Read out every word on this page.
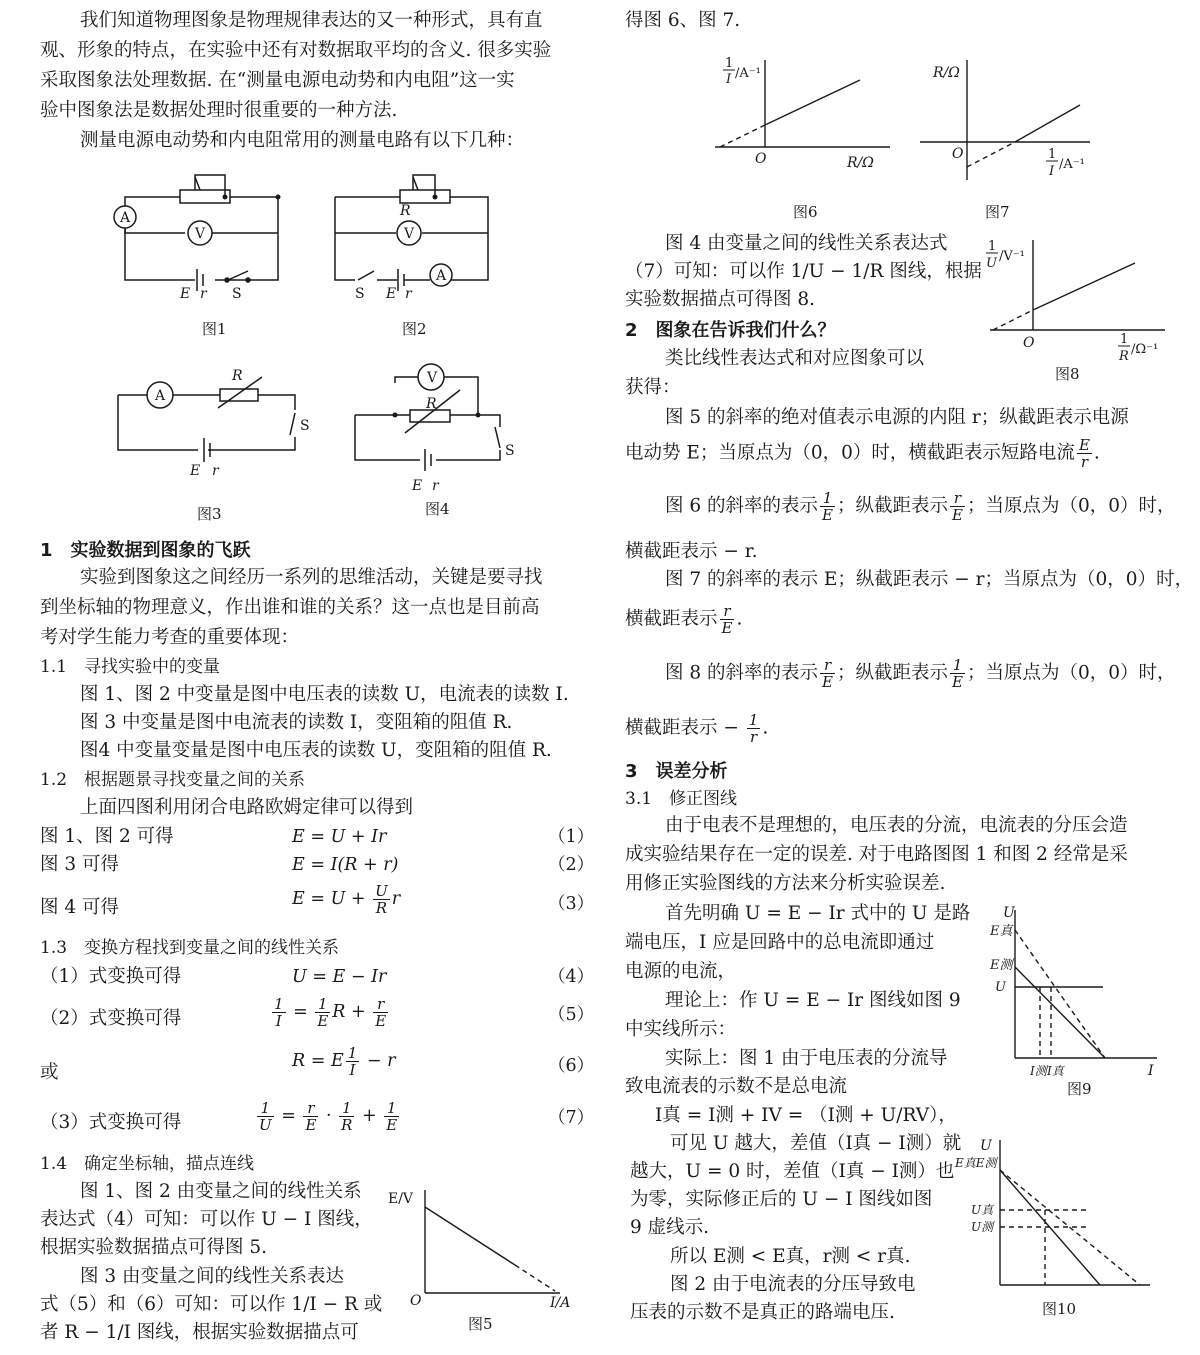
我们知道物理图象是物理规律表达的又一种形式，具有直
观、形象的特点，在实验中还有对数据取平均的含义. 很多实验
采取图象法处理数据. 在“测量电源电动势和内电阻”这一实
验中图象法是数据处理时很重要的一种方法.
测量电源电动势和内电阻常用的测量电路有以下几种：
A
V
E r S
R
V
A
S E r
A
R
S
E r
V
R
S
E r
图1	图2
图3	图4
1　实验数据到图象的飞跃
实验到图象这之间经历一系列的思维活动，关键是要寻找
到坐标轴的物理意义，作出谁和谁的关系？这一点也是目前高
考对学生能力考查的重要体现：
1.1　寻找实验中的变量
图 1、图 2 中变量是图中电压表的读数 U，电流表的读数 I.
图 3 中变量是图中电流表的读数 I，变阻箱的阻值 R.
图4 中变量变量是图中电压表的读数 U，变阻箱的阻值 R.
1.2　根据题景寻找变量之间的关系
上面四图利用闭合电路欧姆定律可以得到
图 1、图 2 可得	E = U + Ir	（1）
图 3 可得	E = I(R + r)	（2）
图 4 可得	$E = U + \frac{U}{R}$ r	（3）
1.3　变换方程找到变量之间的线性关系
（1）式变换可得	U = E − Ir	（4）
（2）式变换可得	$\frac{1}{I} = \frac{1}{E}$ $R + \frac{r}{E}$	（5）
或
R = E $\frac{1}{I} - r$	（6）
（3）式变换可得	$\frac{1}{U} = \frac{r}{E} \cdot \frac{1}{R} + \frac{1}{E}$	（7）
1.4　确定坐标轴，描点连线
图 1、图 2 由变量之间的线性关系
表达式（4）可知：可以作 U − I 图线，
根据实验数据描点可得图 5.
图 3 由变量之间的线性关系表达
式（5）和（6）可知：可以作 1/I − R 或
者 R − 1/I 图线，根据实验数据描点可
E/V
I/A
O
图5
得图 6、图 7.
1
I /A⁻¹
R/Ω
O
图6
R/Ω
O	1
I /A⁻¹
图7
图 4 由变量之间的线性关系表达式
（7）可知：可以作 1/U − 1/R 图线，根据
实验数据描点可得图 8.
1
U /V⁻¹
O	1
R /Ω⁻¹
图8
2　图象在告诉我们什么？
类比线性表达式和对应图象可以
获得：
图 5 的斜率的绝对值表示电源的内阻 r；纵截距表示电源
电动势 E；当原点为（0，0）时，横截距表示短路电流 $\frac{E}{r}$ .
图 6 的斜率的表示 $\frac{1}{E}$ ；纵截距表示 $\frac{r}{E}$ ；当原点为（0，0）时，
横截距表示 − r.
图 7 的斜率的表示 E；纵截距表示 − r；当原点为（0，0）时，
横截距表示 $\frac{r}{E}$ .
图 8 的斜率的表示 $\frac{r}{E}$ ；纵截距表示 $\frac{1}{E}$ ；当原点为（0，0）时，
横截距表示 − $\frac{1}{r}$ .
3　误差分析
3.1　修正图线
由于电表不是理想的，电压表的分流，电流表的分压会造
成实验结果存在一定的误差. 对于电路图图 1 和图 2 经常是采
用修正实验图线的方法来分析实验误差.
首先明确 U = E − Ir 式中的 U 是路
端电压，I 应是回路中的总电流即通过
电源的电流，
理论上：作 U = E − Ir 图线如图 9
中实线所示：
实际上：图 1 由于电压表的分流导
致电流表的示数不是总电流
I真 = I测 + IV = （I测 + U/RV），
可见 U 越大，差值（I真 − I测）就
越大，U = 0 时，差值（I真 − I测）也
为零，实际修正后的 U − I 图线如图
9 虚线示.
所以 E测 < E真，r测 < r真.
图 2 由于电流表的分压导致电
压表的示数不是真正的路端电压.
U
E真
E测
U
I测 I真	I
图9
U
E真E测
U真
U测
图10
